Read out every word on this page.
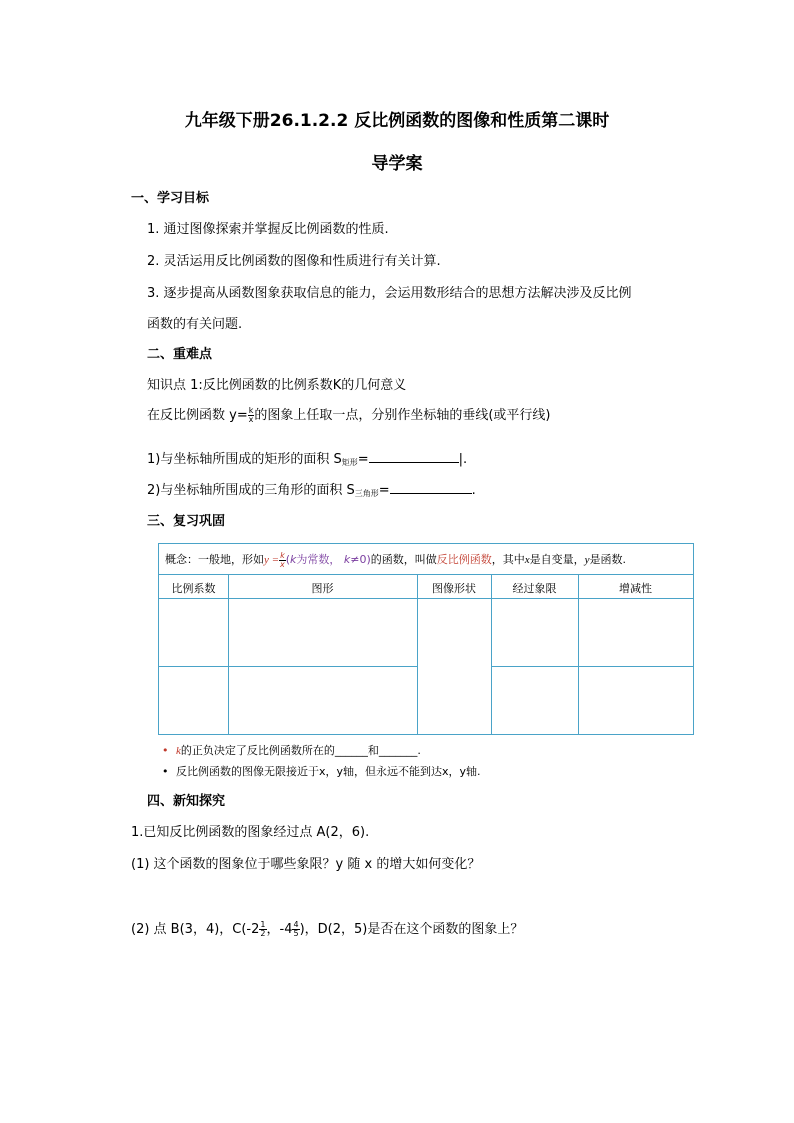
九年级下册26.1.2.2 反比例函数的图像和性质第二课时
导学案
一、学习目标
1. 通过图像探索并掌握反比例函数的性质.
2. 灵活运用反比例函数的图像和性质进行有关计算.
3. 逐步提高从函数图象获取信息的能力，会运用数形结合的思想方法解决涉及反比例
函数的有关问题.
二、重难点
知识点 1:反比例函数的比例系数K的几何意义
在反比例函数 $y= \frac{k}{x}$ 的图象上任取一点，分别作坐标轴的垂线(或平行线)
1)与坐标轴所围成的矩形的面积 $S_{矩形}=$	|.
2)与坐标轴所围成的三角形的面积 $S_{三角形}=$	.
三、复习巩固
概念：一般地，形如$y = \frac{k}{x} (k$为常数， k≠0)的函数，叫做反比例函数，其中x是自变量，y是函数.
比例系数	图形	图像形状	经过象限	增减性
• k的正负决定了反比例函数所在的______和_______.
• 反比例函数的图像无限接近于x，y轴，但永远不能到达x，y轴.
四、新知探究
1.已知反比例函数的图象经过点 A(2，6).
(1) 这个函数的图象位于哪些象限？y 随 x 的增大如何变化？
(2) 点 B(3，4)，$C(-2 \frac{1}{2}$ ，$-4 \frac{4}{5}$ )，D(2，5)是否在这个函数的图象上？
